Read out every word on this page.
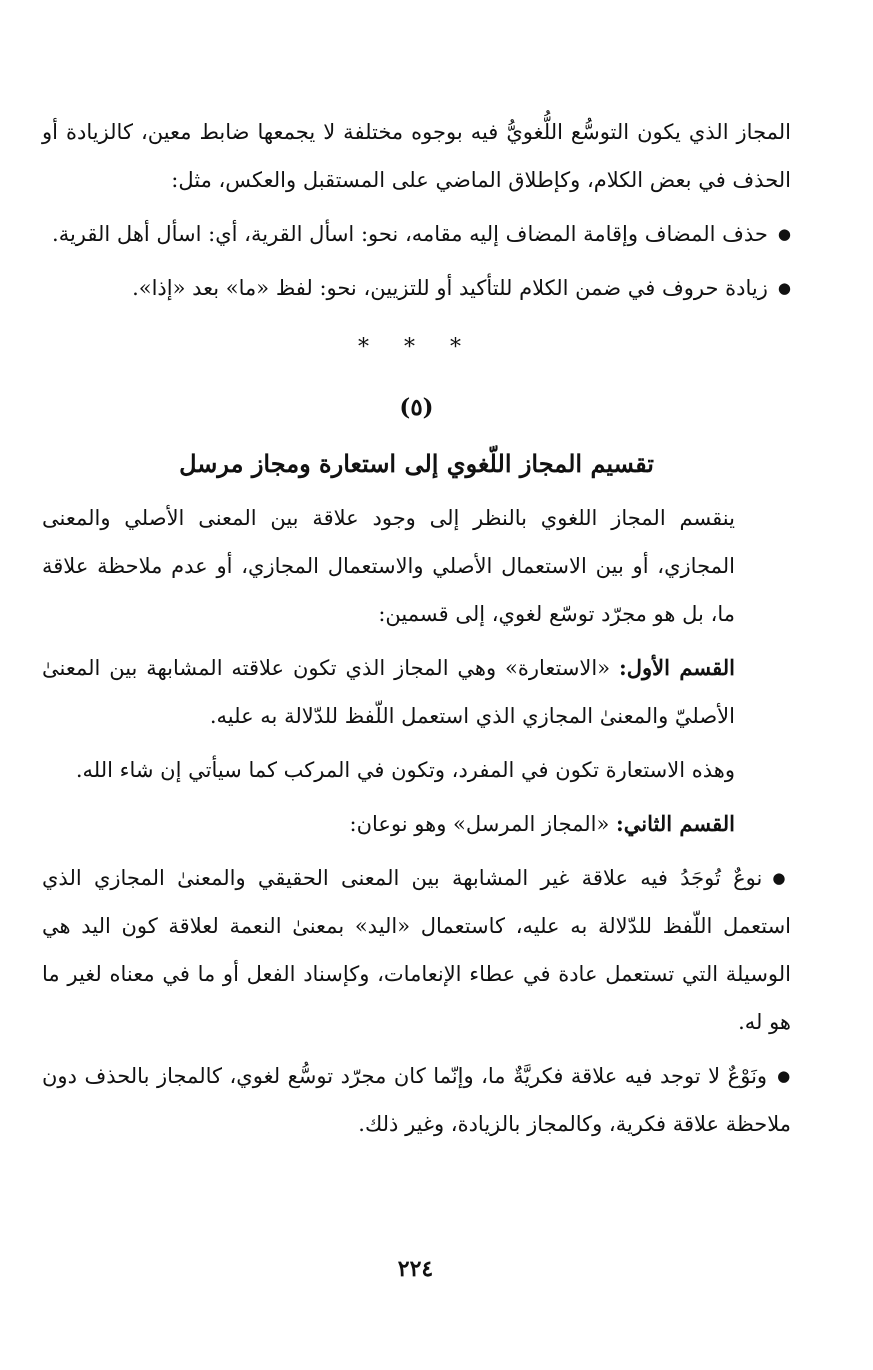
المجاز الذي يكون التوسُّع اللُّغويُّ فيه بوجوه مختلفة لا يجمعها ضابط معين، كالزيادة أو الحذف في بعض الكلام، وكإطلاق الماضي على المستقبل والعكس، مثل:

● حذف المضاف وإقامة المضاف إليه مقامه، نحو: اسأل القرية، أي: اسأل أهل القرية.

● زيادة حروف في ضمن الكلام للتأكيد أو للتزيين، نحو: لفظ «ما» بعد «إذا».

* * *
(٥)
تقسيم المجاز اللّغوي إلى استعارة ومجاز مرسل

ينقسم المجاز اللغوي بالنظر إلى وجود علاقة بين المعنى الأصلي والمعنى المجازي، أو بين الاستعمال الأصلي والاستعمال المجازي، أو عدم ملاحظة علاقة ما، بل هو مجرّد توسّع لغوي، إلى قسمين:

القسم الأول: «الاستعارة» وهي المجاز الذي تكون علاقته المشابهة بين المعنىٰ الأصليّ والمعنىٰ المجازي الذي استعمل اللّفظ للدّلالة به عليه.

وهذه الاستعارة تكون في المفرد، وتكون في المركب كما سيأتي إن شاء الله.

القسم الثاني: «المجاز المرسل» وهو نوعان:

● نوعٌ تُوجَدُ فيه علاقة غير المشابهة بين المعنى الحقيقي والمعنىٰ المجازي الذي استعمل اللّفظ للدّلالة به عليه، كاستعمال «اليد» بمعنىٰ النعمة لعلاقة كون اليد هي الوسيلة التي تستعمل عادة في عطاء الإنعامات، وكإسناد الفعل أو ما في معناه لغير ما هو له.

● ونَوْعٌ لا توجد فيه علاقة فكريَّةٌ ما، وإنّما كان مجرّد توسُّع لغوي، كالمجاز بالحذف دون ملاحظة علاقة فكرية، وكالمجاز بالزيادة، وغير ذلك.

٢٢٤
